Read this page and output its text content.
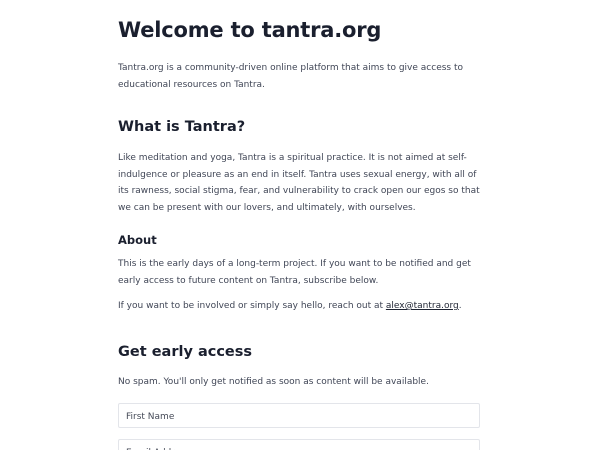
Welcome to tantra.org

Tantra.org is a community-driven online platform that aims to give access to educational resources on Tantra.

What is Tantra?

Like meditation and yoga, Tantra is a spiritual practice. It is not aimed at self-indulgence or pleasure as an end in itself. Tantra uses sexual energy, with all of its rawness, social stigma, fear, and vulnerability to crack open our egos so that we can be present with our lovers, and ultimately, with ourselves.

About

This is the early days of a long-term project. If you want to be notified and get early access to future content on Tantra, subscribe below.

If you want to be involved or simply say hello, reach out at alex@tantra.org.

Get early access

No spam. You'll only get notified as soon as content will be available.

First Name
Email Address
